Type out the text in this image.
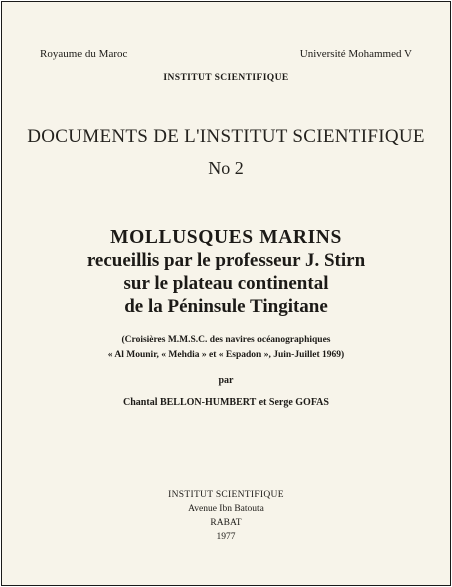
Royaume du Maroc	Université Mohammed V
INSTITUT SCIENTIFIQUE
DOCUMENTS DE L'INSTITUT SCIENTIFIQUE
No 2
MOLLUSQUES MARINS
recueillis par le professeur J. Stirn
sur le plateau continental
de la Péninsule Tingitane
(Croisières M.M.S.C. des navires océanographiques
« Al Mounir, « Mehdia » et « Espadon », Juin-Juillet 1969)
par
Chantal BELLON-HUMBERT et Serge GOFAS
INSTITUT SCIENTIFIQUE
Avenue Ibn Batouta
RABAT
1977
